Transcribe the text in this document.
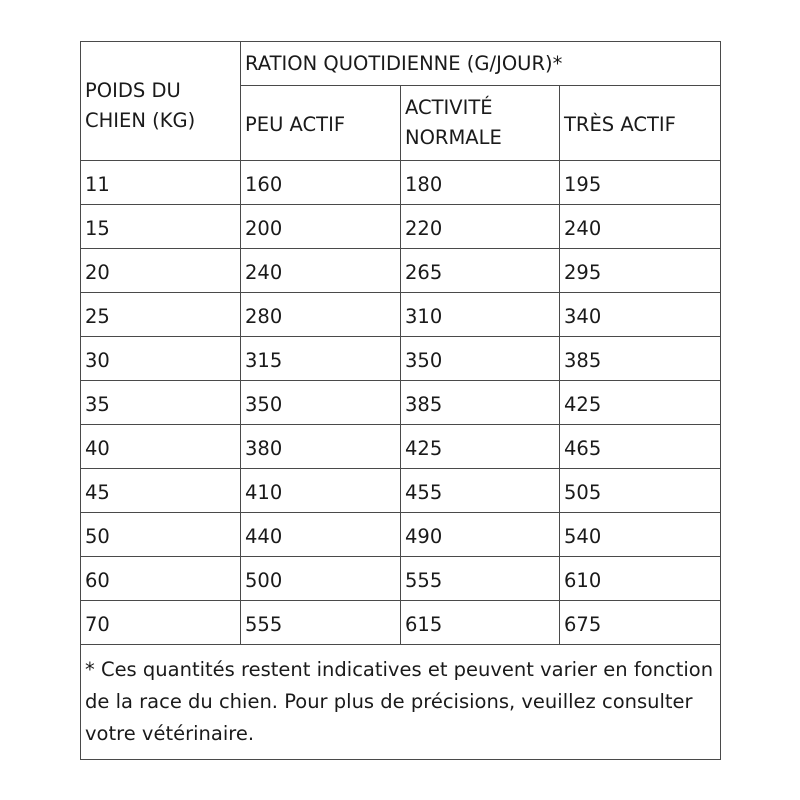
POIDS DU CHIEN (KG)	RATION QUOTIDIENNE (G/JOUR)*		
	PEU ACTIF	ACTIVITÉ NORMALE	TRÈS ACTIF
11	160	180	195
15	200	220	240
20	240	265	295
25	280	310	340
30	315	350	385
35	350	385	425
40	380	425	465
45	410	455	505
50	440	490	540
60	500	555	610
70	555	615	675
* Ces quantités restent indicatives et peuvent varier en fonction de la race du chien. Pour plus de précisions, veuillez consulter votre vétérinaire.			
